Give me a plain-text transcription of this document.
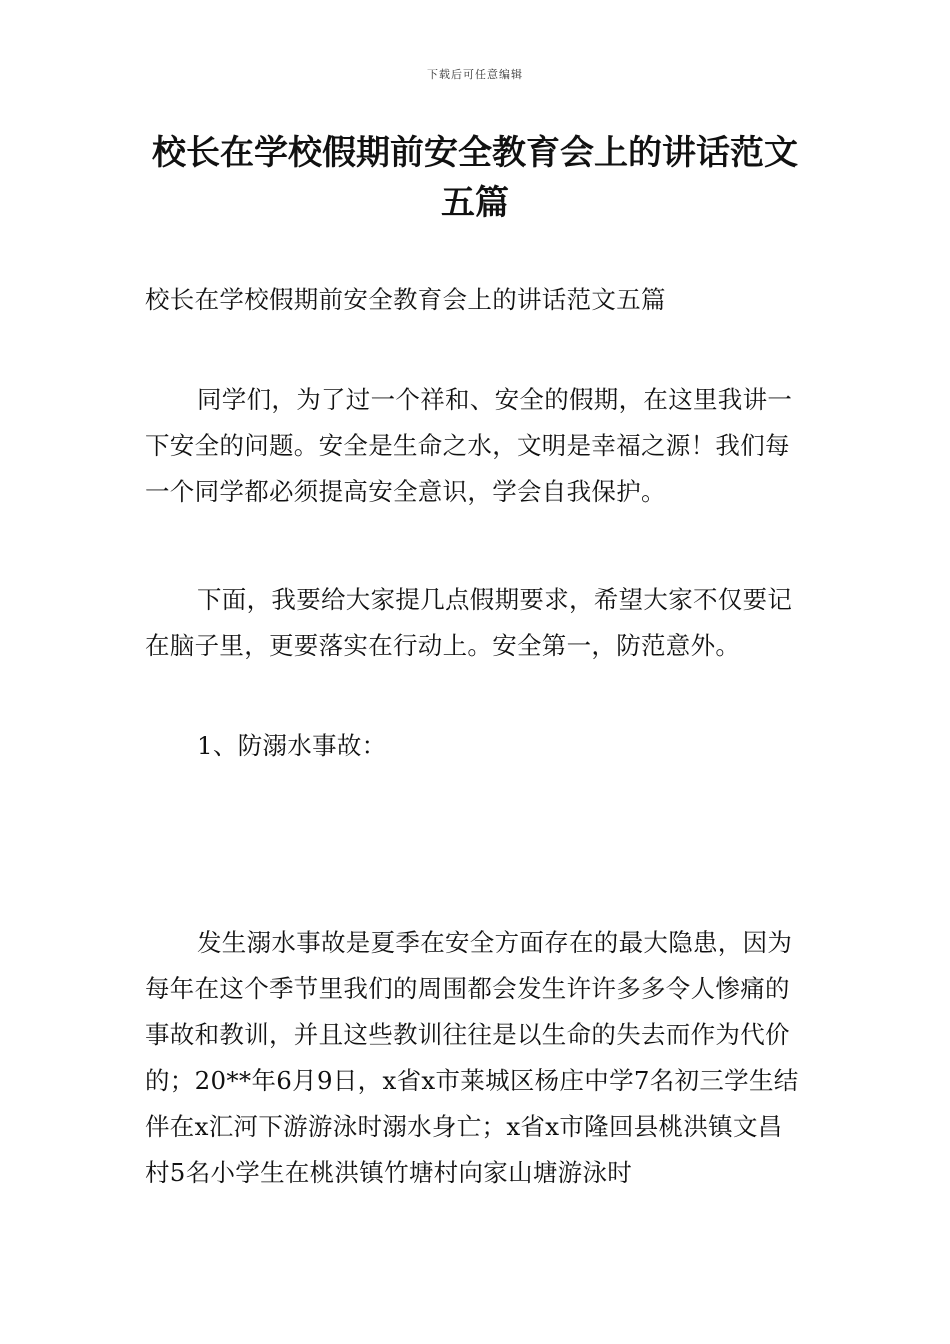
下载后可任意编辑
校长在学校假期前安全教育会上的讲话范文五篇

校长在学校假期前安全教育会上的讲话范文五篇

同学们，为了过一个祥和、安全的假期，在这里我讲一下安全的问题。安全是生命之水，文明是幸福之源！我们每一个同学都必须提高安全意识，学会自我保护。

下面，我要给大家提几点假期要求，希望大家不仅要记在脑子里，更要落实在行动上。安全第一，防范意外。

1、防溺水事故：

发生溺水事故是夏季在安全方面存在的最大隐患，因为每年在这个季节里我们的周围都会发生许许多多令人惨痛的事故和教训，并且这些教训往往是以生命的失去而作为代价的；20**年6月9日，x省x市莱城区杨庄中学7名初三学生结伴在x汇河下游游泳时溺水身亡；x省x市隆回县桃洪镇文昌村5名小学生在桃洪镇竹塘村向家山塘游泳时
